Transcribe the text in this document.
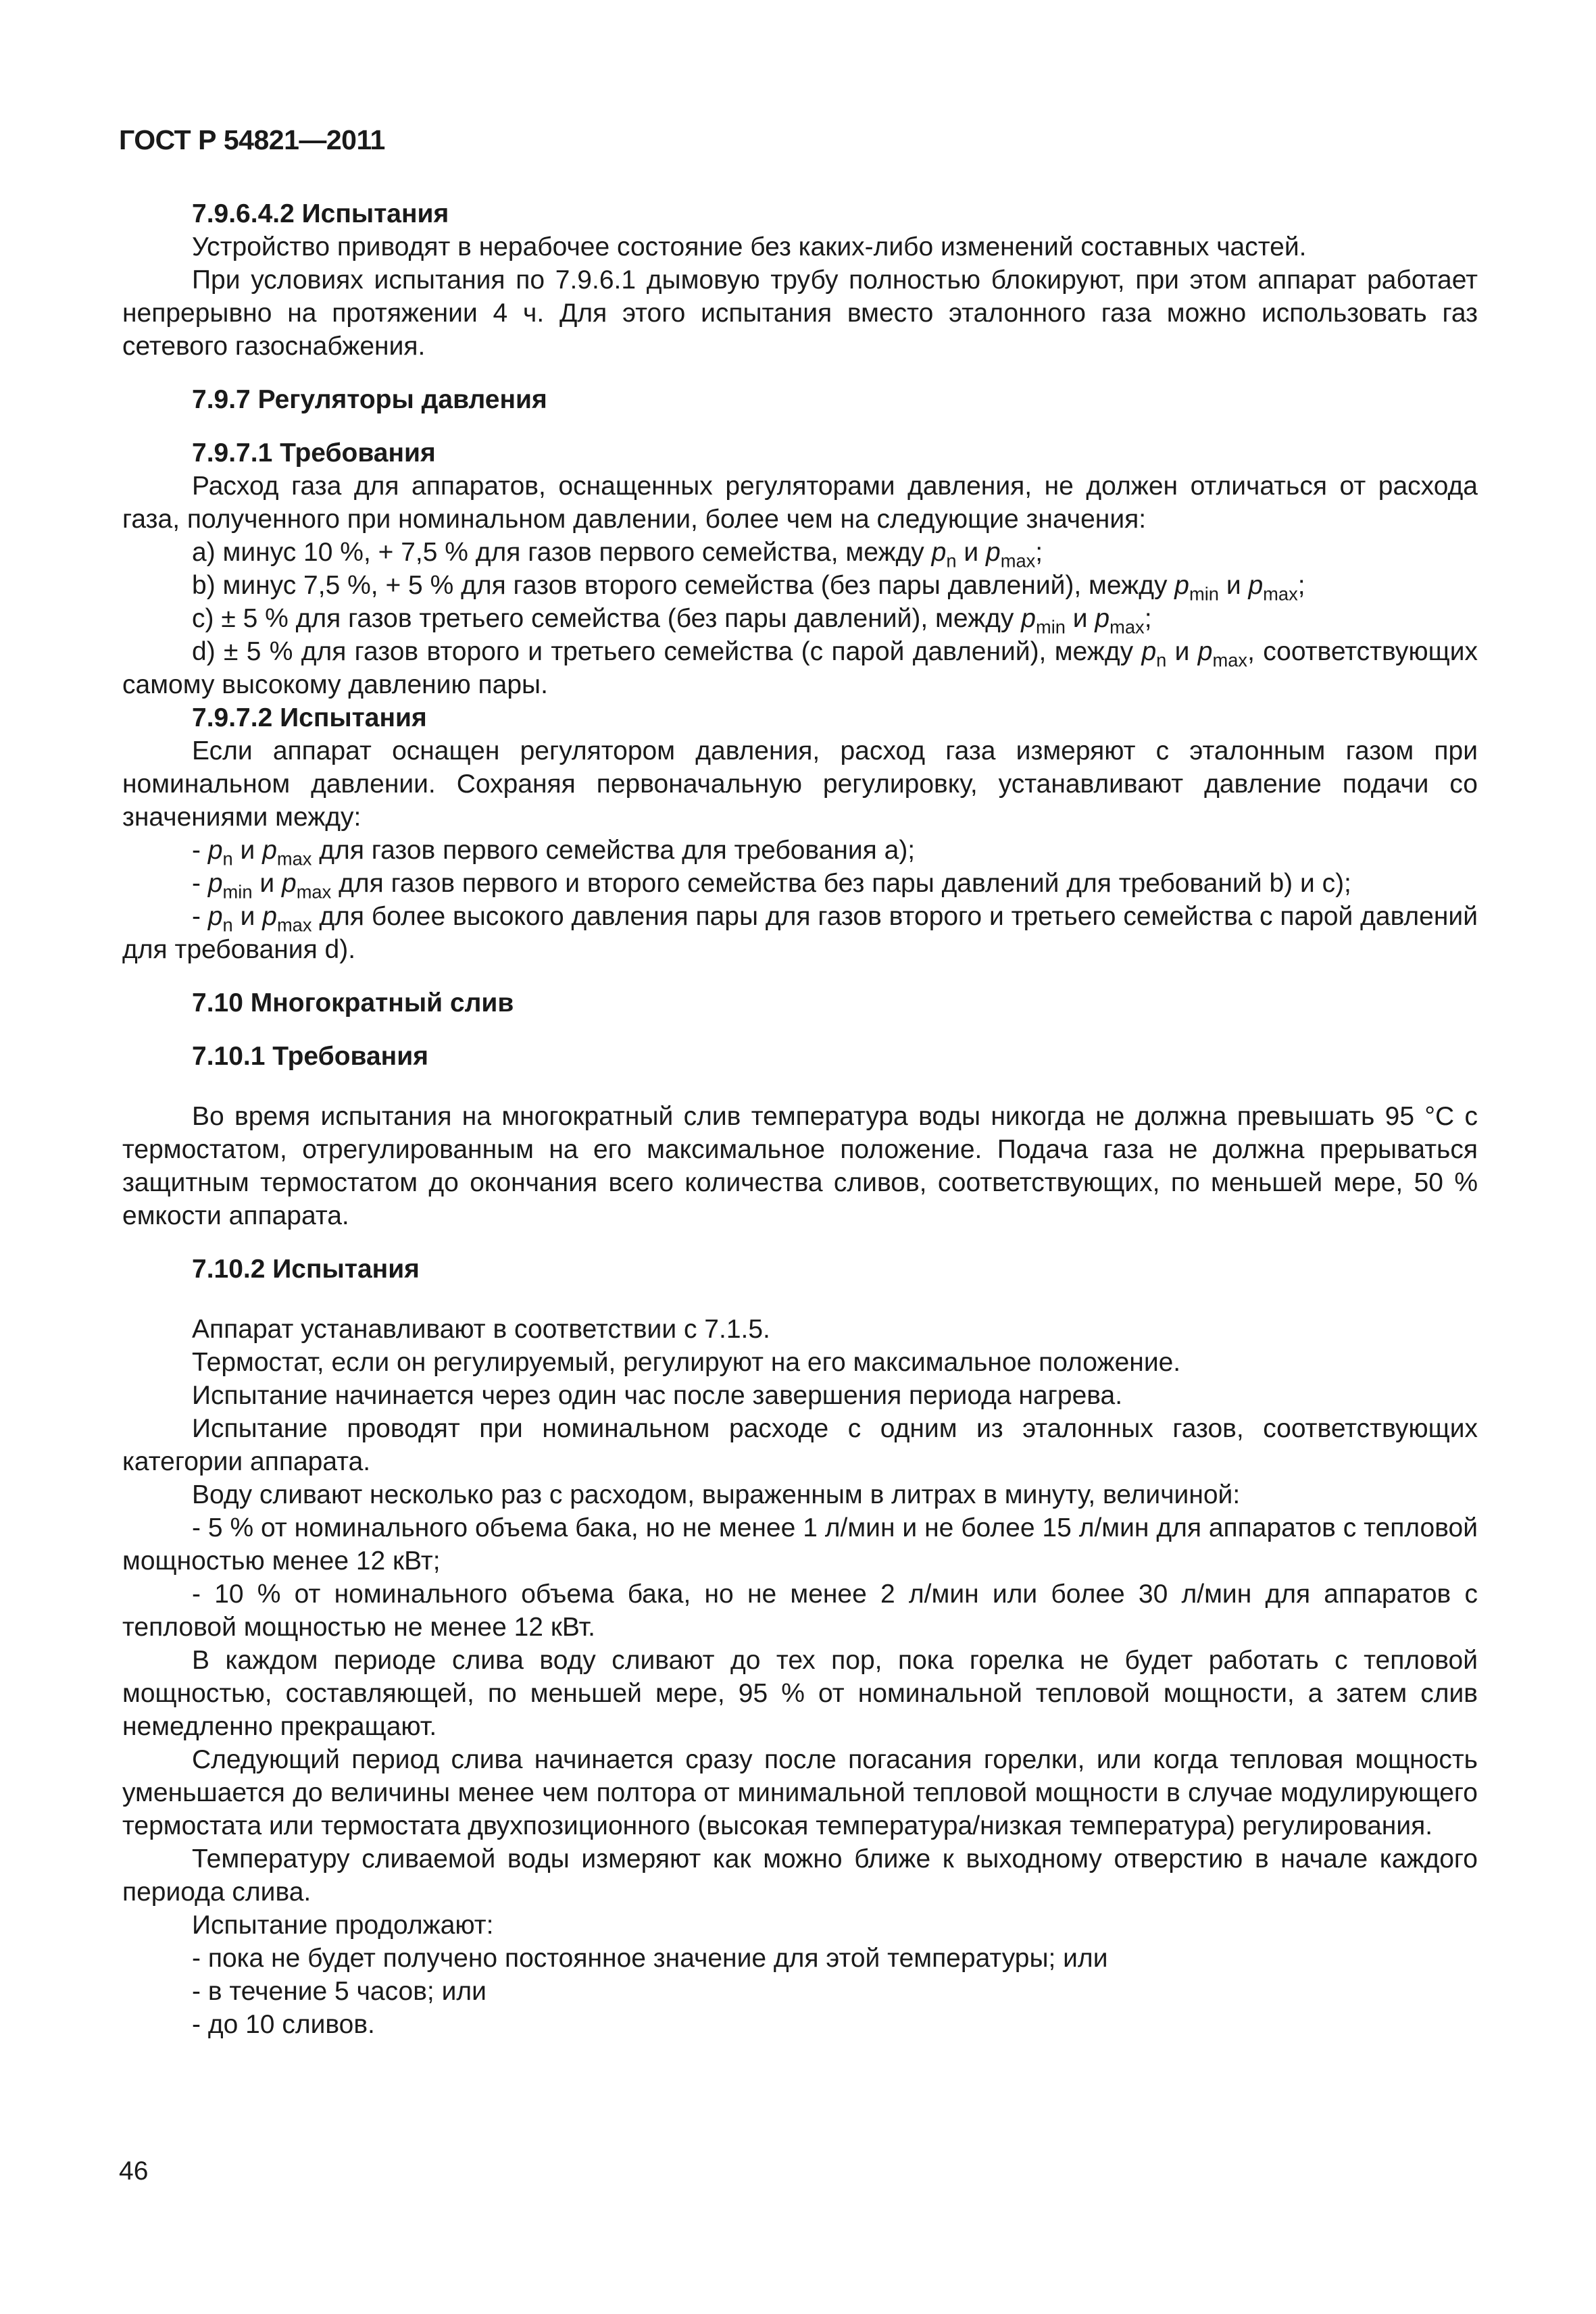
ГОСТ Р 54821—2011
7.9.6.4.2 Испытания

Устройство приводят в нерабочее состояние без каких-либо изменений составных частей.

При условиях испытания по 7.9.6.1 дымовую трубу полностью блокируют, при этом аппарат работает непрерывно на протяжении 4 ч. Для этого испытания вместо эталонного газа можно использовать газ сетевого газоснабжения.

7.9.7 Регуляторы давления
7.9.7.1 Требования

Расход газа для аппаратов, оснащенных регуляторами давления, не должен отличаться от расхода газа, полученного при номинальном давлении, более чем на следующие значения:

a) минус 10 %, + 7,5 % для газов первого семейства, между $p_n$ и $p_{max}$;

b) минус 7,5 %, + 5 % для газов второго семейства (без пары давлений), между $p_{min}$ и $p_{max}$;

c) ± 5 % для газов третьего семейства (без пары давлений), между $p_{min}$ и $p_{max}$;

d) ± 5 % для газов второго и третьего семейства (с парой давлений), между $p_n$ и $p_{max}$, соответствующих самому высокому давлению пары.

7.9.7.2 Испытания

Если аппарат оснащен регулятором давления, расход газа измеряют с эталонным газом при номинальном давлении. Сохраняя первоначальную регулировку, устанавливают давление подачи со значениями между:

- $p_n$ и $p_{max}$ для газов первого семейства для требования a);

- $p_{min}$ и $p_{max}$ для газов первого и второго семейства без пары давлений для требований b) и c);

- $p_n$ и $p_{max}$ для более высокого давления пары для газов второго и третьего семейства с парой давлений для требования d).

7.10 Многократный слив
7.10.1 Требования

Во время испытания на многократный слив температура воды никогда не должна превышать 95 °C с термостатом, отрегулированным на его максимальное положение. Подача газа не должна прерываться защитным термостатом до окончания всего количества сливов, соответствующих, по меньшей мере, 50 % емкости аппарата.

7.10.2 Испытания

Аппарат устанавливают в соответствии с 7.1.5.

Термостат, если он регулируемый, регулируют на его максимальное положение.

Испытание начинается через один час после завершения периода нагрева.

Испытание проводят при номинальном расходе с одним из эталонных газов, соответствующих категории аппарата.

Воду сливают несколько раз с расходом, выраженным в литрах в минуту, величиной:

- 5 % от номинального объема бака, но не менее 1 л/мин и не более 15 л/мин для аппаратов с тепловой мощностью менее 12 кВт;

- 10 % от номинального объема бака, но не менее 2 л/мин или более 30 л/мин для аппаратов с тепловой мощностью не менее 12 кВт.

В каждом периоде слива воду сливают до тех пор, пока горелка не будет работать с тепловой мощностью, составляющей, по меньшей мере, 95 % от номинальной тепловой мощности, а затем слив немедленно прекращают.

Следующий период слива начинается сразу после погасания горелки, или когда тепловая мощность уменьшается до величины менее чем полтора от минимальной тепловой мощности в случае модулирующего термостата или термостата двухпозиционного (высокая температура/низкая температура) регулирования.

Температуру сливаемой воды измеряют как можно ближе к выходному отверстию в начале каждого периода слива.

Испытание продолжают:

- пока не будет получено постоянное значение для этой температуры; или

- в течение 5 часов; или

- до 10 сливов.

46
